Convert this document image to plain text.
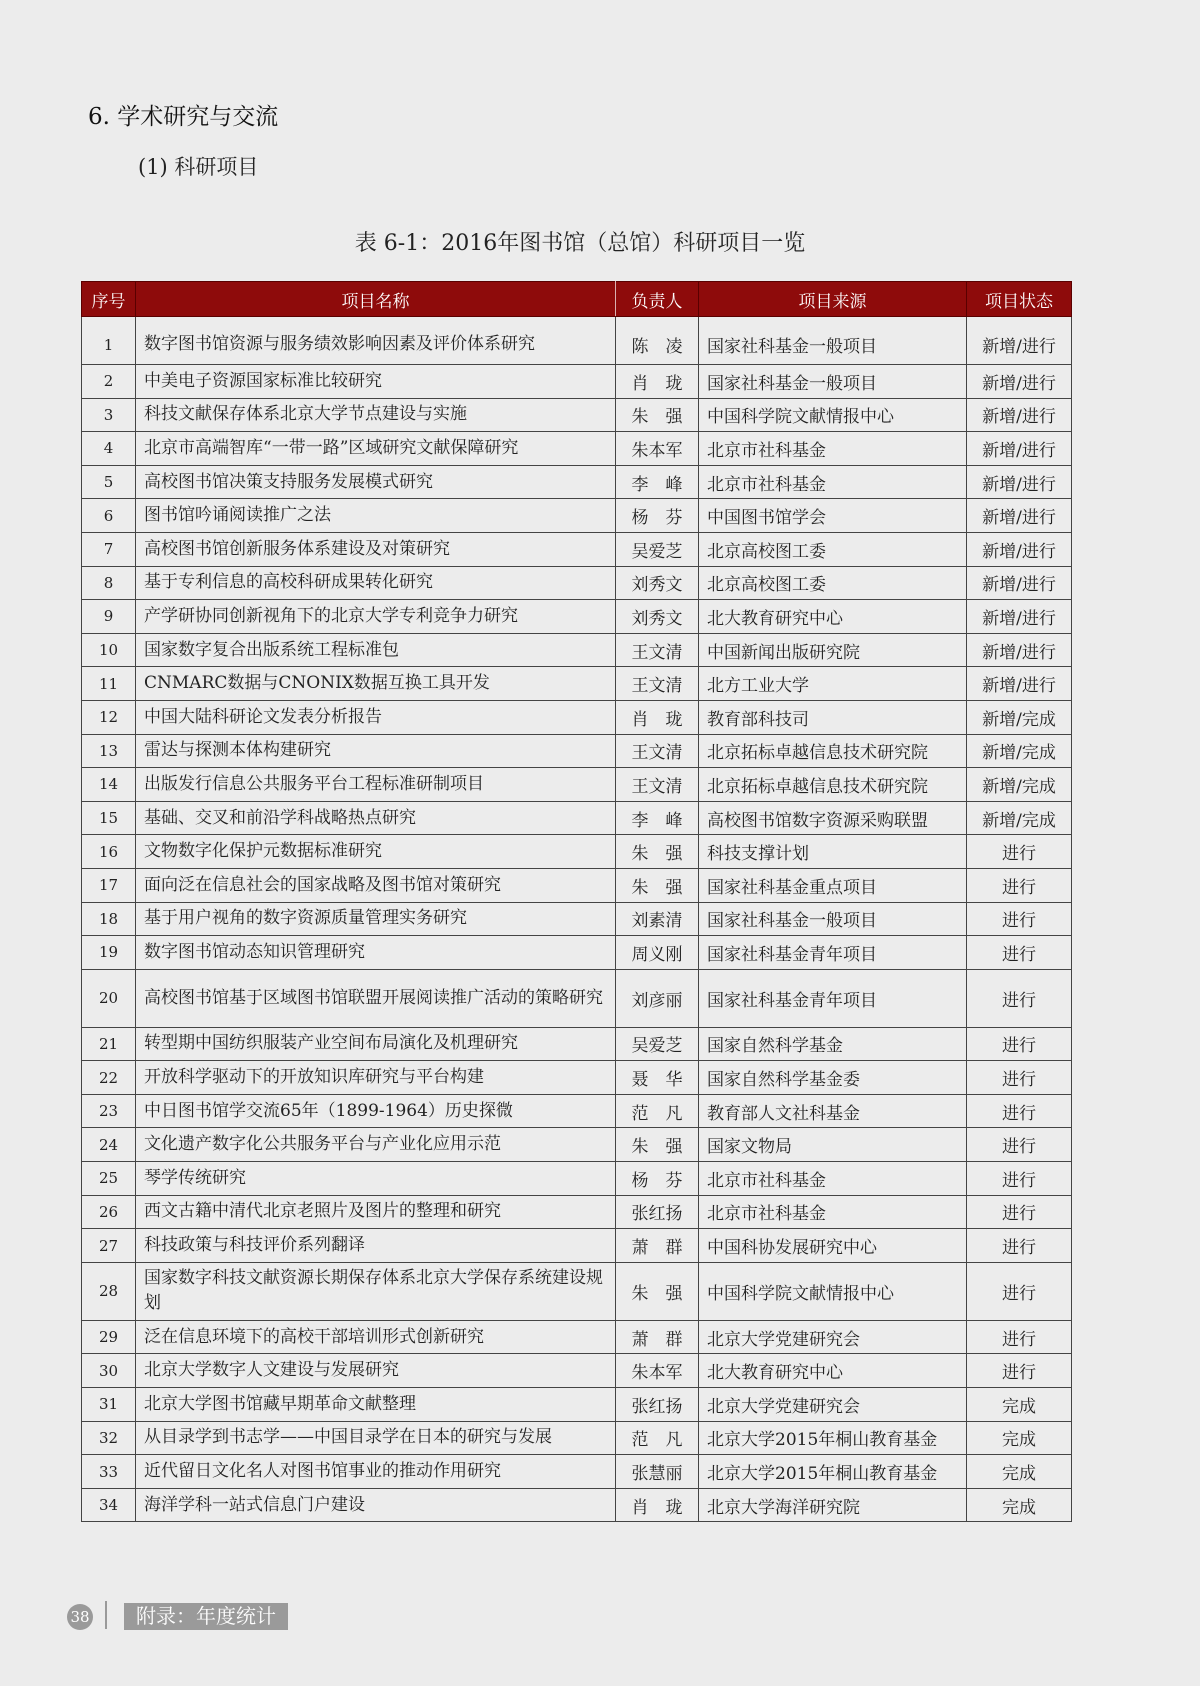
6. 学术研究与交流
(1) 科研项目
表 6-1：2016年图书馆（总馆）科研项目一览
序号	项目名称	负责人	项目来源	项目状态
1	数字图书馆资源与服务绩效影响因素及评价体系研究	陈　凌	国家社科基金一般项目	新增/进行
2	中美电子资源国家标准比较研究	肖　珑	国家社科基金一般项目	新增/进行
3	科技文献保存体系北京大学节点建设与实施	朱　强	中国科学院文献情报中心	新增/进行
4	北京市高端智库“一带一路”区域研究文献保障研究	朱本军	北京市社科基金	新增/进行
5	高校图书馆决策支持服务发展模式研究	李　峰	北京市社科基金	新增/进行
6	图书馆吟诵阅读推广之法	杨　芬	中国图书馆学会	新增/进行
7	高校图书馆创新服务体系建设及对策研究	吴爱芝	北京高校图工委	新增/进行
8	基于专利信息的高校科研成果转化研究	刘秀文	北京高校图工委	新增/进行
9	产学研协同创新视角下的北京大学专利竞争力研究	刘秀文	北大教育研究中心	新增/进行
10	国家数字复合出版系统工程标准包	王文清	中国新闻出版研究院	新增/进行
11	CNMARC数据与CNONIX数据互换工具开发	王文清	北方工业大学	新增/进行
12	中国大陆科研论文发表分析报告	肖　珑	教育部科技司	新增/完成
13	雷达与探测本体构建研究	王文清	北京拓标卓越信息技术研究院	新增/完成
14	出版发行信息公共服务平台工程标准研制项目	王文清	北京拓标卓越信息技术研究院	新增/完成
15	基础、交叉和前沿学科战略热点研究	李　峰	高校图书馆数字资源采购联盟	新增/完成
16	文物数字化保护元数据标准研究	朱　强	科技支撑计划	进行
17	面向泛在信息社会的国家战略及图书馆对策研究	朱　强	国家社科基金重点项目	进行
18	基于用户视角的数字资源质量管理实务研究	刘素清	国家社科基金一般项目	进行
19	数字图书馆动态知识管理研究	周义刚	国家社科基金青年项目	进行
20	高校图书馆基于区域图书馆联盟开展阅读推广活动的策略研究	刘彦丽	国家社科基金青年项目	进行
21	转型期中国纺织服装产业空间布局演化及机理研究	吴爱芝	国家自然科学基金	进行
22	开放科学驱动下的开放知识库研究与平台构建	聂　华	国家自然科学基金委	进行
23	中日图书馆学交流65年（1899-1964）历史探微	范　凡	教育部人文社科基金	进行
24	文化遗产数字化公共服务平台与产业化应用示范	朱　强	国家文物局	进行
25	琴学传统研究	杨　芬	北京市社科基金	进行
26	西文古籍中清代北京老照片及图片的整理和研究	张红扬	北京市社科基金	进行
27	科技政策与科技评价系列翻译	萧　群	中国科协发展研究中心	进行
28	国家数字科技文献资源长期保存体系北京大学保存系统建设规划	朱　强	中国科学院文献情报中心	进行
29	泛在信息环境下的高校干部培训形式创新研究	萧　群	北京大学党建研究会	进行
30	北京大学数字人文建设与发展研究	朱本军	北大教育研究中心	进行
31	北京大学图书馆藏早期革命文献整理	张红扬	北京大学党建研究会	完成
32	从目录学到书志学——中国目录学在日本的研究与发展	范　凡	北京大学2015年桐山教育基金	完成
33	近代留日文化名人对图书馆事业的推动作用研究	张慧丽	北京大学2015年桐山教育基金	完成
34	海洋学科一站式信息门户建设	肖　珑	北京大学海洋研究院	完成
38	附录：年度统计
